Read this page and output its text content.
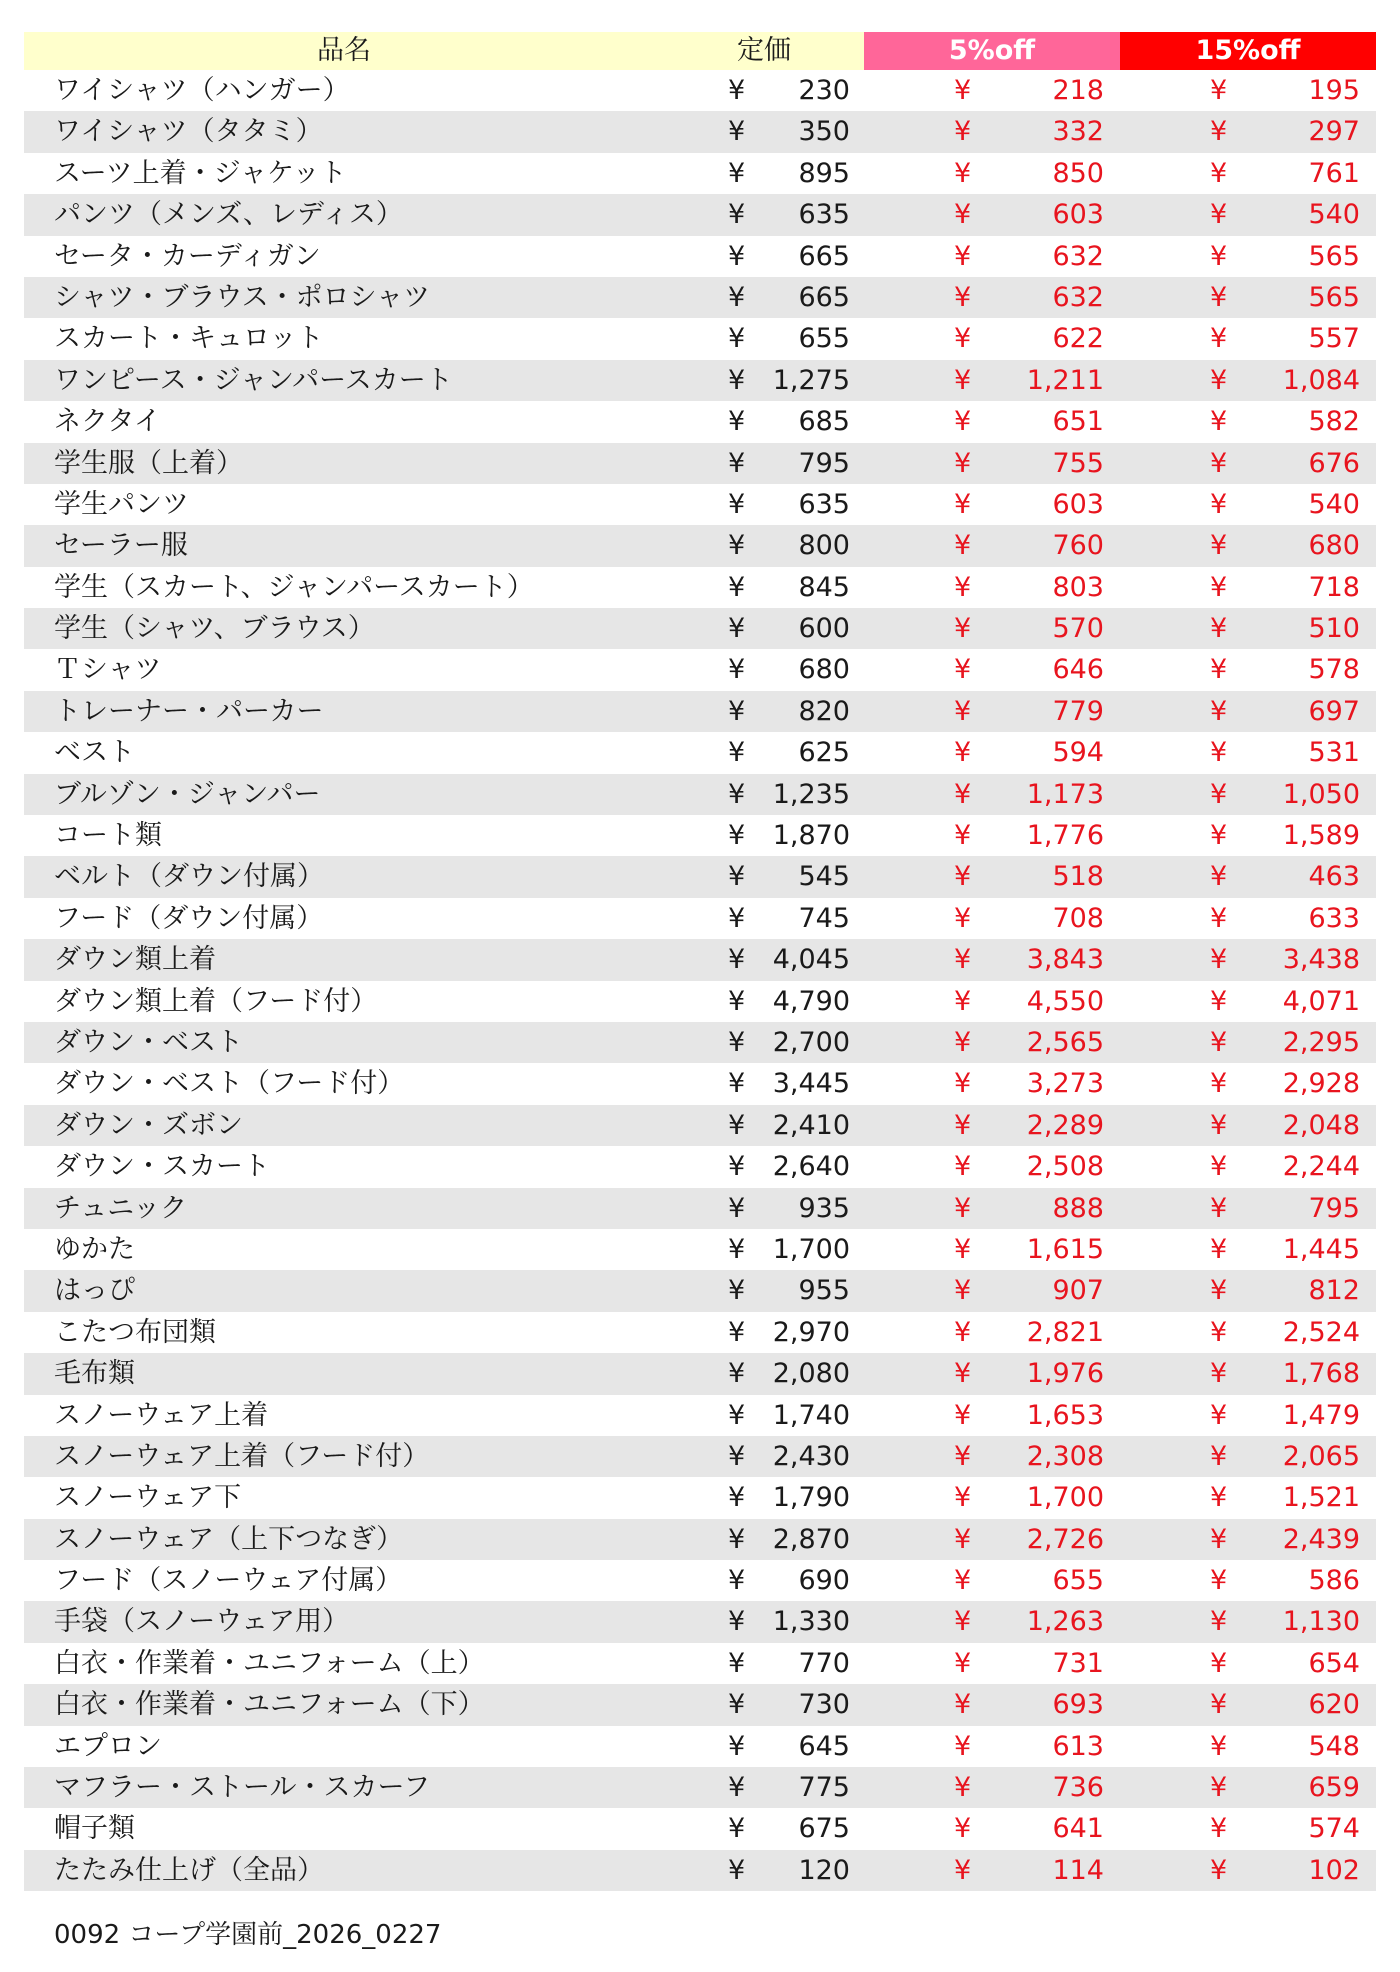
品名	定価	5%off	15%off
ワイシャツ（ハンガー）	¥ 230	¥	218	¥	195
ワイシャツ（タタミ）	¥ 350	¥	332	¥	297
スーツ上着・ジャケット	¥ 895	¥	850	¥	761
パンツ（メンズ、レディス）	¥ 635	¥	603	¥	540
セータ・カーディガン	¥ 665	¥	632	¥	565
シャツ・ブラウス・ポロシャツ	¥ 665	¥	632	¥	565
スカート・キュロット	¥ 655	¥	622	¥	557
ワンピース・ジャンパースカート	¥ 1,275	¥ 1,211	¥ 1,084
ネクタイ	¥ 685	¥	651	¥	582
学生服（上着）	¥ 795	¥	755	¥	676
学生パンツ	¥ 635	¥	603	¥	540
セーラー服	¥ 800	¥	760	¥	680
学生（スカート、ジャンパースカート）	¥ 845	¥	803	¥	718
学生（シャツ、ブラウス）	¥ 600	¥	570	¥	510
Ｔシャツ	¥ 680	¥	646	¥	578
トレーナー・パーカー	¥ 820	¥	779	¥	697
ベスト	¥ 625	¥	594	¥	531
ブルゾン・ジャンパー	¥ 1,235	¥ 1,173	¥ 1,050
コート類	¥ 1,870	¥ 1,776	¥ 1,589
ベルト（ダウン付属）	¥ 545	¥	518	¥	463
フード（ダウン付属）	¥ 745	¥	708	¥	633
ダウン類上着	¥ 4,045	¥ 3,843	¥ 3,438
ダウン類上着（フード付）	¥ 4,790	¥ 4,550	¥ 4,071
ダウン・ベスト	¥ 2,700	¥ 2,565	¥ 2,295
ダウン・ベスト（フード付）	¥ 3,445	¥ 3,273	¥ 2,928
ダウン・ズボン	¥ 2,410	¥ 2,289	¥ 2,048
ダウン・スカート	¥ 2,640	¥ 2,508	¥ 2,244
チュニック	¥ 935	¥	888	¥	795
ゆかた	¥ 1,700	¥ 1,615	¥ 1,445
はっぴ	¥ 955	¥	907	¥	812
こたつ布団類	¥ 2,970	¥ 2,821	¥ 2,524
毛布類	¥ 2,080	¥ 1,976	¥ 1,768
スノーウェア上着	¥ 1,740	¥ 1,653	¥ 1,479
スノーウェア上着（フード付）	¥ 2,430	¥ 2,308	¥ 2,065
スノーウェア下	¥ 1,790	¥ 1,700	¥ 1,521
スノーウェア（上下つなぎ）	¥ 2,870	¥ 2,726	¥ 2,439
フード（スノーウェア付属）	¥ 690	¥	655	¥	586
手袋（スノーウェア用）	¥ 1,330	¥ 1,263	¥ 1,130
白衣・作業着・ユニフォーム（上）	¥ 770	¥	731	¥	654
白衣・作業着・ユニフォーム（下）	¥ 730	¥	693	¥	620
エプロン	¥ 645	¥	613	¥	548
マフラー・ストール・スカーフ	¥ 775	¥	736	¥	659
帽子類	¥ 675	¥	641	¥	574
たたみ仕上げ（全品）	¥ 120	¥	114	¥	102
0092 コープ学園前_2026_0227
